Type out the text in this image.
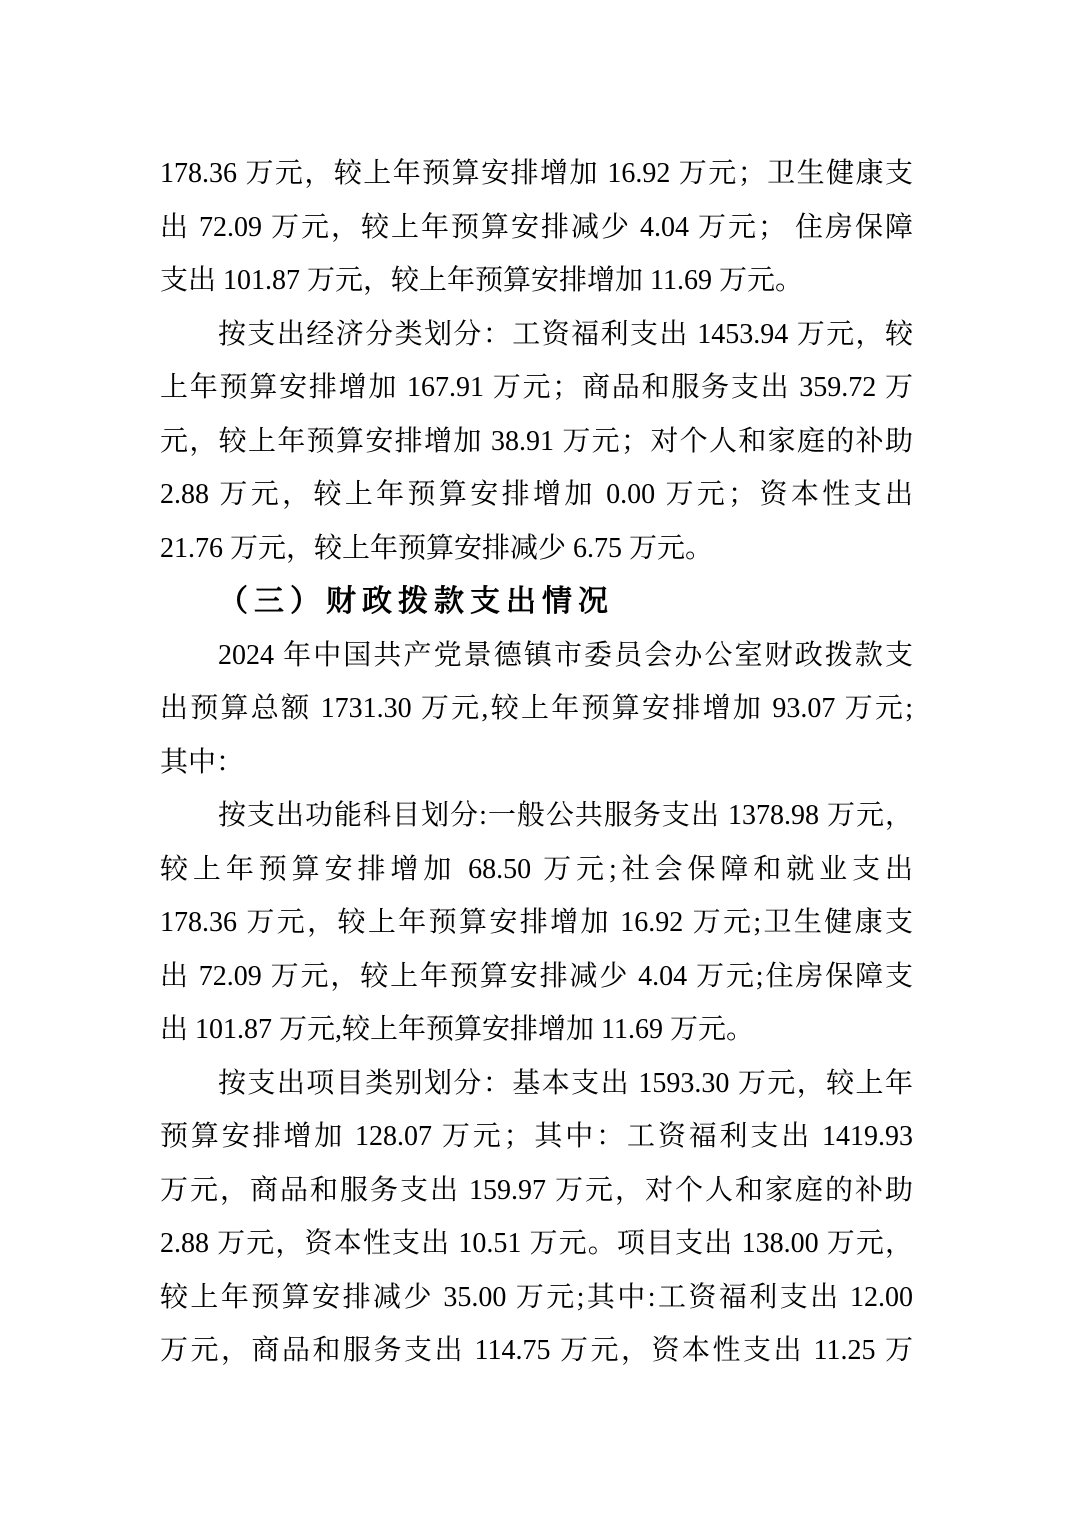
178.36 万元，较上年预算安排增加 16.92 万元；卫生健康支
出 72.09 万元，较上年预算安排减少 4.04 万元； 住房保障
支出 101.87 万元，较上年预算安排增加 11.69 万元。
按支出经济分类划分：工资福利支出 1453.94 万元，较
上年预算安排增加 167.91 万元；商品和服务支出 359.72 万
元，较上年预算安排增加 38.91 万元；对个人和家庭的补助
2.88 万元，较上年预算安排增加 0.00 万元；资本性支出
21.76 万元，较上年预算安排减少 6.75 万元。
（三）财政拨款支出情况
2024 年中国共产党景德镇市委员会办公室财政拨款支
出预算总额 1731.30 万元,较上年预算安排增加 93.07 万元;
其中：
按支出功能科目划分:一般公共服务支出 1378.98 万元，
较上年预算安排增加 68.50 万元;社会保障和就业支出
178.36 万元，较上年预算安排增加 16.92 万元;卫生健康支
出 72.09 万元，较上年预算安排减少 4.04 万元;住房保障支
出 101.87 万元,较上年预算安排增加 11.69 万元。
按支出项目类别划分：基本支出 1593.30 万元，较上年
预算安排增加 128.07 万元；其中：工资福利支出 1419.93
万元，商品和服务支出 159.97 万元，对个人和家庭的补助
2.88 万元，资本性支出 10.51 万元。项目支出 138.00 万元，
较上年预算安排减少 35.00 万元;其中:工资福利支出 12.00
万元，商品和服务支出 114.75 万元，资本性支出 11.25 万
